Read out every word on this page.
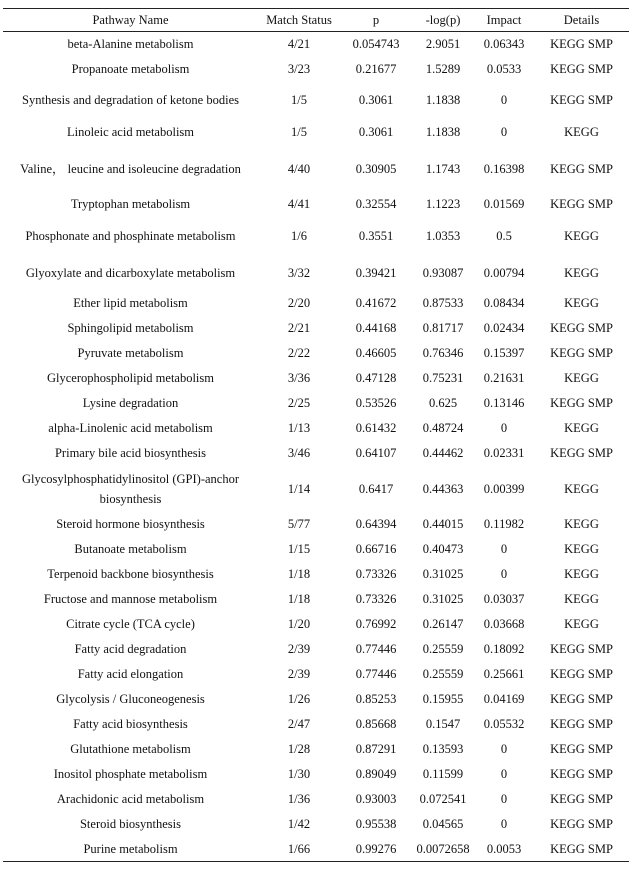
Pathway Name	Match Status	p	-log(p)	Impact	Details
beta-Alanine metabolism	4/21	0.054743	2.9051	0.06343	KEGG SMP
Propanoate metabolism	3/23	0.21677	1.5289	0.0533	KEGG SMP
Synthesis and degradation of ketone bodies	1/5	0.3061	1.1838	0	KEGG SMP
Linoleic acid metabolism	1/5	0.3061	1.1838	0	KEGG
Valine， leucine and isoleucine degradation	4/40	0.30905	1.1743	0.16398	KEGG SMP
Tryptophan metabolism	4/41	0.32554	1.1223	0.01569	KEGG SMP
Phosphonate and phosphinate metabolism	1/6	0.3551	1.0353	0.5	KEGG
Glyoxylate and dicarboxylate metabolism	3/32	0.39421	0.93087	0.00794	KEGG
Ether lipid metabolism	2/20	0.41672	0.87533	0.08434	KEGG
Sphingolipid metabolism	2/21	0.44168	0.81717	0.02434	KEGG SMP
Pyruvate metabolism	2/22	0.46605	0.76346	0.15397	KEGG SMP
Glycerophospholipid metabolism	3/36	0.47128	0.75231	0.21631	KEGG
Lysine degradation	2/25	0.53526	0.625	0.13146	KEGG SMP
alpha-Linolenic acid metabolism	1/13	0.61432	0.48724	0	KEGG
Primary bile acid biosynthesis	3/46	0.64107	0.44462	0.02331	KEGG SMP
Glycosylphosphatidylinositol (GPI)-anchor biosynthesis	1/14	0.6417	0.44363	0.00399	KEGG
Steroid hormone biosynthesis	5/77	0.64394	0.44015	0.11982	KEGG
Butanoate metabolism	1/15	0.66716	0.40473	0	KEGG
Terpenoid backbone biosynthesis	1/18	0.73326	0.31025	0	KEGG
Fructose and mannose metabolism	1/18	0.73326	0.31025	0.03037	KEGG
Citrate cycle (TCA cycle)	1/20	0.76992	0.26147	0.03668	KEGG
Fatty acid degradation	2/39	0.77446	0.25559	0.18092	KEGG SMP
Fatty acid elongation	2/39	0.77446	0.25559	0.25661	KEGG SMP
Glycolysis / Gluconeogenesis	1/26	0.85253	0.15955	0.04169	KEGG SMP
Fatty acid biosynthesis	2/47	0.85668	0.1547	0.05532	KEGG SMP
Glutathione metabolism	1/28	0.87291	0.13593	0	KEGG SMP
Inositol phosphate metabolism	1/30	0.89049	0.11599	0	KEGG SMP
Arachidonic acid metabolism	1/36	0.93003	0.072541	0	KEGG SMP
Steroid biosynthesis	1/42	0.95538	0.04565	0	KEGG SMP
Purine metabolism	1/66	0.99276	0.0072658	0.0053	KEGG SMP
